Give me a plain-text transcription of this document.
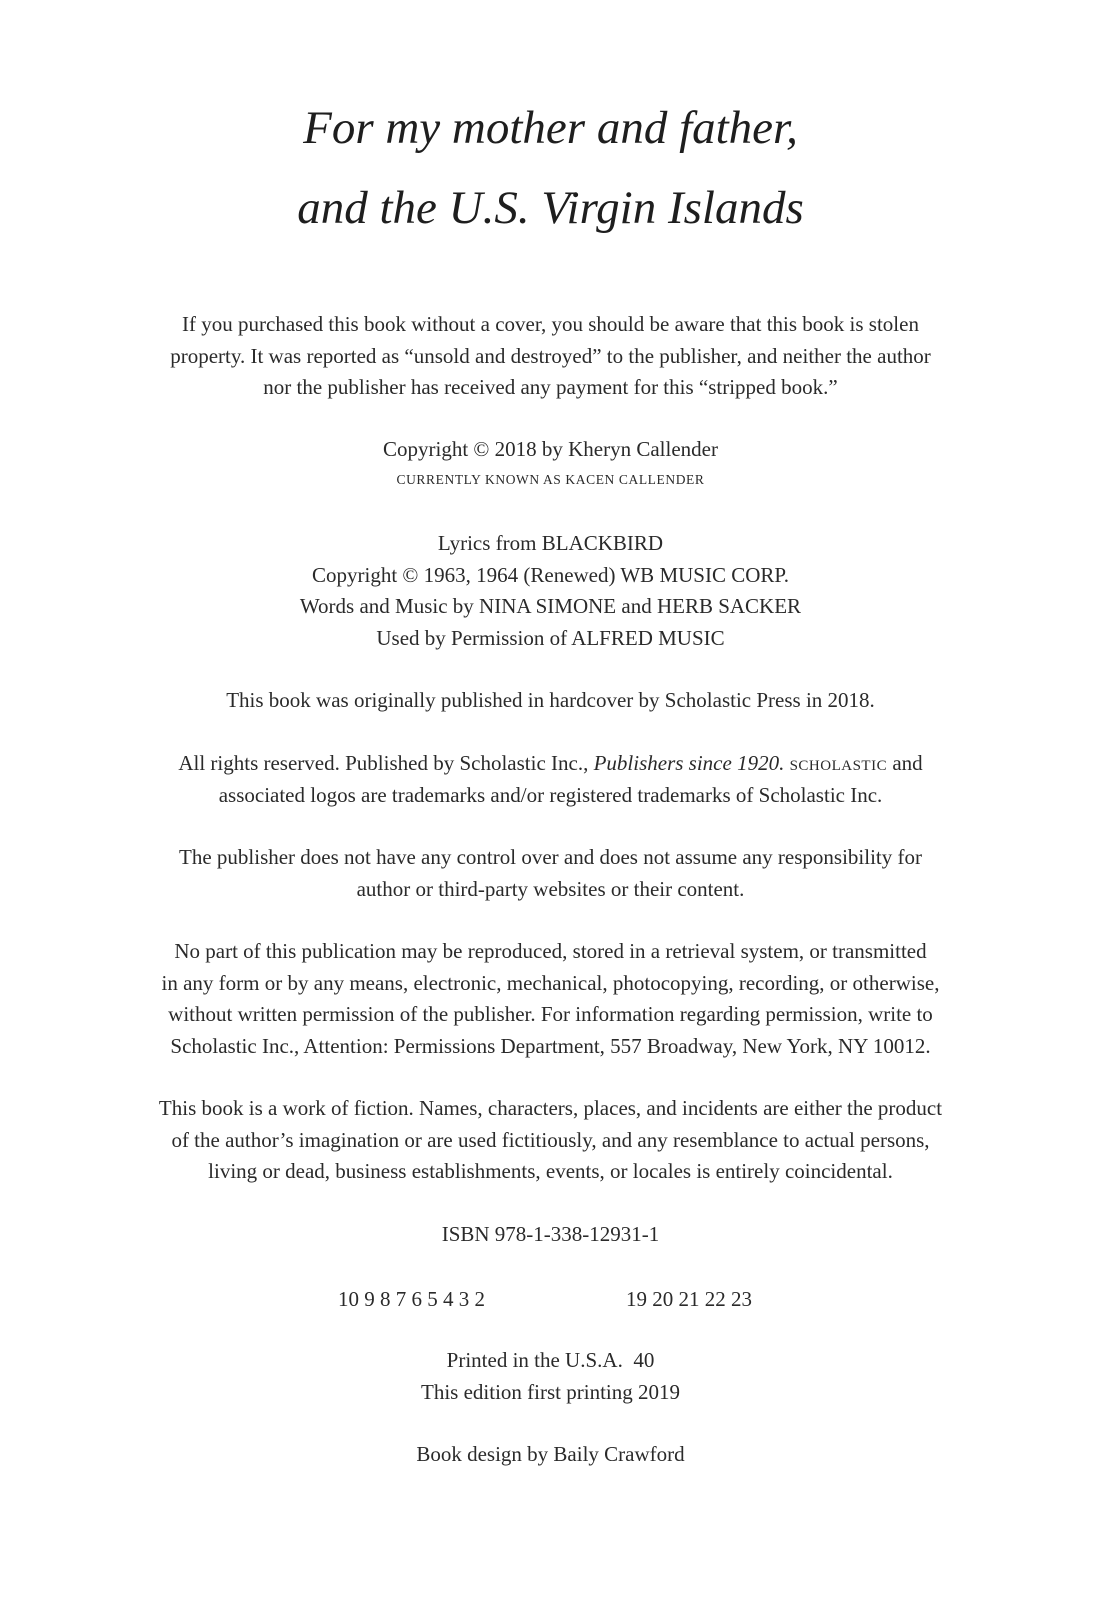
For my mother and father,
and the U.S. Virgin Islands
If you purchased this book without a cover, you should be aware that this book is stolen
property. It was reported as “unsold and destroyed” to the publisher, and neither the author
nor the publisher has received any payment for this “stripped book.”
Copyright © 2018 by Kheryn Callender
CURRENTLY KNOWN AS KACEN CALLENDER
Lyrics from BLACKBIRD
Copyright © 1963, 1964 (Renewed) WB MUSIC CORP.
Words and Music by NINA SIMONE and HERB SACKER
Used by Permission of ALFRED MUSIC
This book was originally published in hardcover by Scholastic Press in 2018.
All rights reserved. Published by Scholastic Inc., Publishers since 1920. scholastic and
associated logos are trademarks and/or registered trademarks of Scholastic Inc.
The publisher does not have any control over and does not assume any responsibility for
author or third-party websites or their content.
No part of this publication may be reproduced, stored in a retrieval system, or transmitted
in any form or by any means, electronic, mechanical, photocopying, recording, or otherwise,
without written permission of the publisher. For information regarding permission, write to
Scholastic Inc., Attention: Permissions Department, 557 Broadway, New York, NY 10012.
This book is a work of fiction. Names, characters, places, and incidents are either the product
of the author’s imagination or are used fictitiously, and any resemblance to actual persons,
living or dead, business establishments, events, or locales is entirely coincidental.
ISBN 978-1-338-12931-1
10 9 8 7 6 5 4 3 2	19 20 21 22 23
Printed in the U.S.A.  40
This edition first printing 2019
Book design by Baily Crawford
